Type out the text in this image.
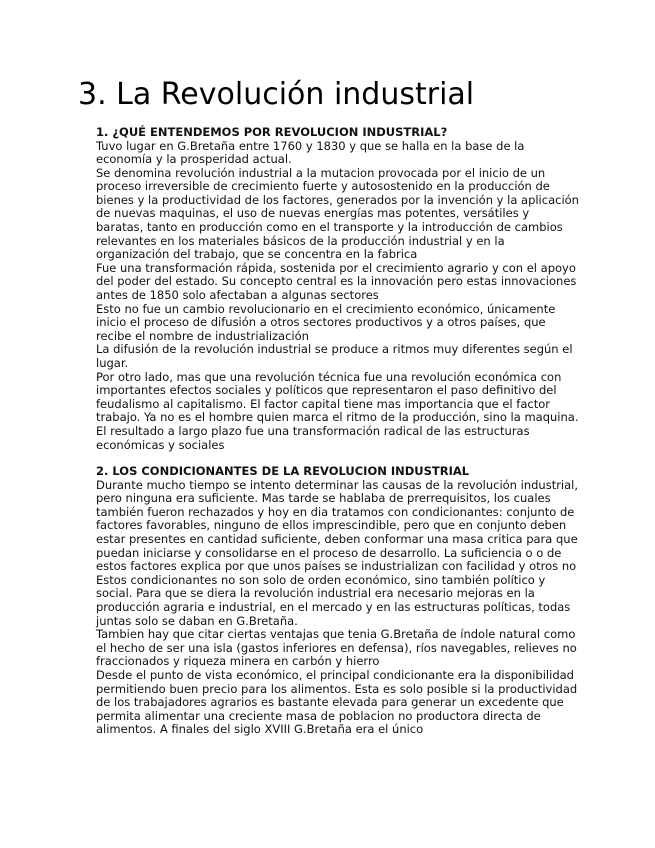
3. La Revolución industrial
1. ¿QUÉ ENTENDEMOS POR REVOLUCION INDUSTRIAL?

Tuvo lugar en G.Bretaña entre 1760 y 1830 y que se halla en la base de la economía y la prosperidad actual.

Se denomina revolución industrial a la mutacion provocada por el inicio de un proceso irreversible de crecimiento fuerte y autosostenido en la producción de bienes y la productividad de los factores, generados por la invención y la aplicación de nuevas maquinas, el uso de nuevas energías mas potentes, versátiles y baratas, tanto en producción como en el transporte y la introducción de cambios relevantes en los materiales básicos de la producción industrial y en la organización del trabajo, que se concentra en la fabrica

Fue una transformación rápida, sostenida por el crecimiento agrario y con el apoyo del poder del estado. Su concepto central es la innovación pero estas innovaciones antes de 1850 solo afectaban a algunas sectores

Esto no fue un cambio revolucionario en el crecimiento económico, únicamente inicio el proceso de difusión a otros sectores productivos y a otros países, que recibe el nombre de industrialización

La difusión de la revolución industrial se produce a ritmos muy diferentes según el lugar.

Por otro lado, mas que una revolución técnica fue una revolución económica con importantes efectos sociales y políticos que representaron el paso definitivo del feudalismo al capitalismo. El factor capital tiene mas importancia que el factor trabajo. Ya no es el hombre quien marca el ritmo de la producción, sino la maquina. El resultado a largo plazo fue una transformación radical de las estructuras económicas y sociales

2. LOS CONDICIONANTES DE LA REVOLUCION INDUSTRIAL

Durante mucho tiempo se intento determinar las causas de la revolución industrial, pero ninguna era suficiente. Mas tarde se hablaba de prerrequisitos, los cuales también fueron rechazados y hoy en dia tratamos con condicionantes: conjunto de factores favorables, ninguno de ellos imprescindible, pero que en conjunto deben estar presentes en cantidad suficiente, deben conformar una masa critica para que puedan iniciarse y consolidarse en el proceso de desarrollo. La suficiencia o o de estos factores explica por que unos países se industrializan con facilidad y otros no

Estos condicionantes no son solo de orden económico, sino también político y social. Para que se diera la revolución industrial era necesario mejoras en la producción agraria e industrial, en el mercado y en las estructuras políticas, todas juntas solo se daban en G.Bretaña.

Tambien hay que citar ciertas ventajas que tenia G.Bretaña de índole natural como el hecho de ser una isla (gastos inferiores en defensa), ríos navegables, relieves no fraccionados y riqueza minera en carbón y hierro

Desde el punto de vista económico, el principal condicionante era la disponibilidad permitiendo buen precio para los alimentos. Esta es solo posible si la productividad de los trabajadores agrarios es bastante elevada para generar un excedente que permita alimentar una creciente masa de poblacion no productora directa de alimentos. A finales del siglo XVIII G.Bretaña era el único
